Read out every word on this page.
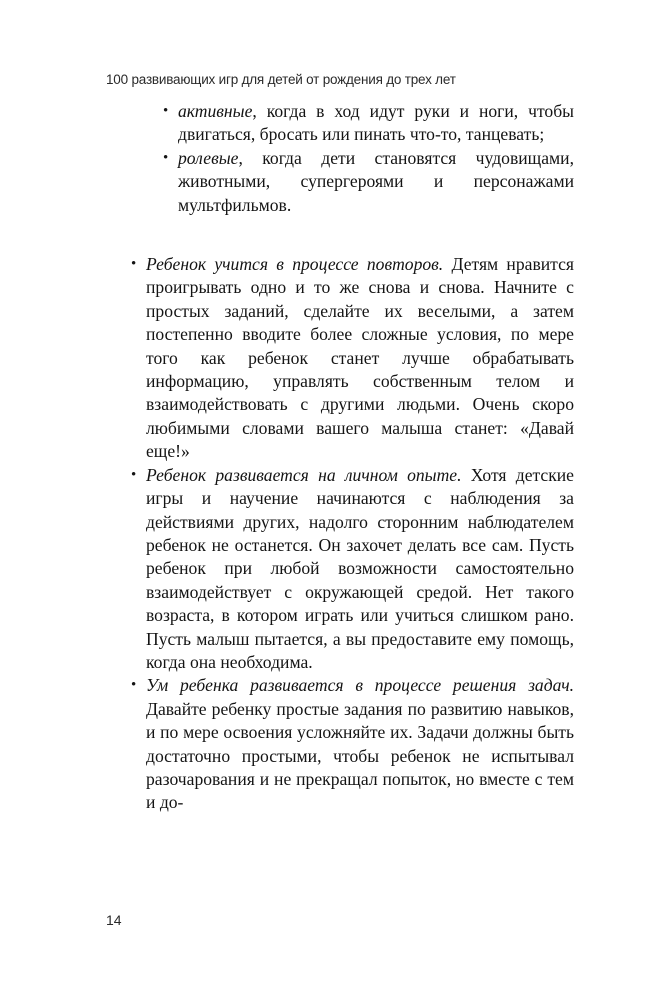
100 развивающих игр для детей от рождения до трех лет
• активные, когда в ход идут руки и ноги, чтобы двигаться, бросать или пинать что-то, танцевать;
• ролевые, когда дети становятся чудовищами, животными, супергероями и персонажами мультфильмов.
• Ребенок учится в процессе повторов. Детям нравится проигрывать одно и то же снова и снова. Начните с простых заданий, сделайте их веселыми, а затем постепенно вводите более сложные условия, по мере того как ребенок станет лучше обрабатывать информацию, управлять собственным телом и взаимодействовать с другими людьми. Очень скоро любимыми словами вашего малыша станет: «Давай еще!»
• Ребенок развивается на личном опыте. Хотя детские игры и научение начинаются с наблюдения за действиями других, надолго сторонним наблюдателем ребенок не останется. Он захочет делать все сам. Пусть ребенок при любой возможности самостоятельно взаимодействует с окружающей средой. Нет такого возраста, в котором играть или учиться слишком рано. Пусть малыш пытается, а вы предоставите ему помощь, когда она необходима.
• Ум ребенка развивается в процессе решения задач. Давайте ребенку простые задания по развитию навыков, и по мере освоения усложняйте их. Задачи должны быть достаточно простыми, чтобы ребенок не испытывал разочарования и не прекращал попыток, но вместе с тем и до-
14
